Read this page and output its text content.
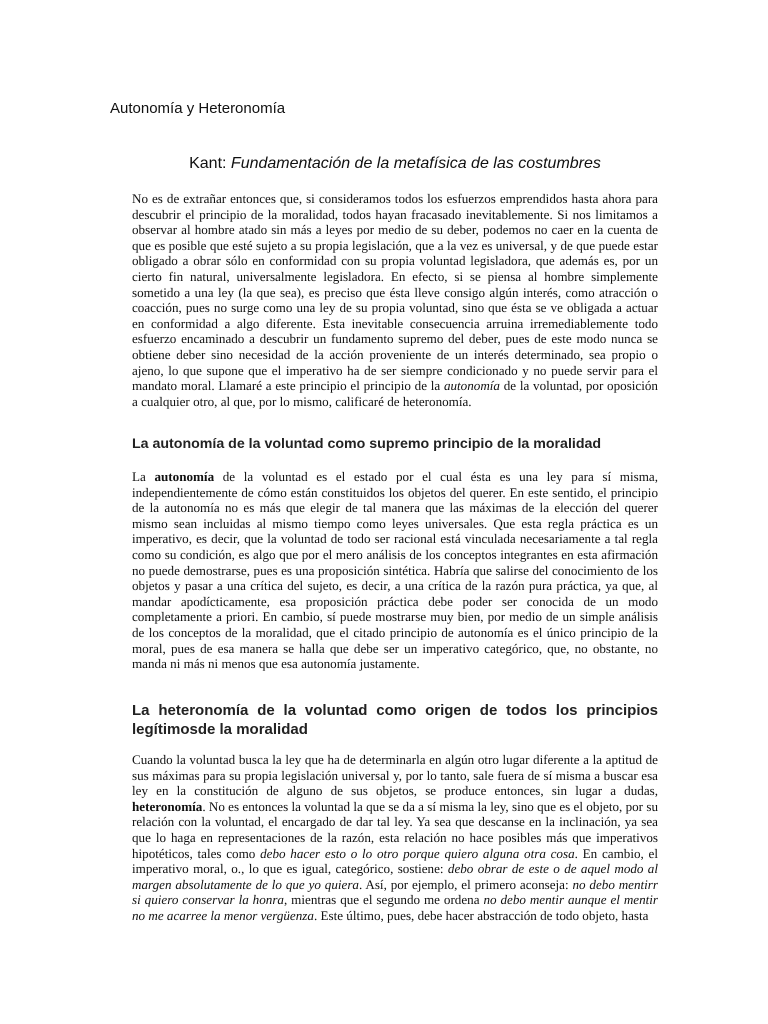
Autonomía y Heteronomía
Kant: Fundamentación de la metafísica de las costumbres

No es de extrañar entonces que, si consideramos todos los esfuerzos emprendidos hasta ahora para descubrir el principio de la moralidad, todos hayan fracasado inevitablemente. Si nos limitamos a observar al hombre atado sin más a leyes por medio de su deber, podemos no caer en la cuenta de que es posible que esté sujeto a su propia legislación, que a la vez es universal, y de que puede estar obligado a obrar sólo en conformidad con su propia voluntad legisladora, que además es, por un cierto fin natural, universalmente legisladora. En efecto, si se piensa al hombre simplemente sometido a una ley (la que sea), es preciso que ésta lleve consigo algún interés, como atracción o coacción, pues no surge como una ley de su propia voluntad, sino que ésta se ve obligada a actuar en conformidad a algo diferente. Esta inevitable consecuencia arruina irremediablemente todo esfuerzo encaminado a descubrir un fundamento supremo del deber, pues de este modo nunca se obtiene deber sino necesidad de la acción proveniente de un interés determinado, sea propio o ajeno, lo que supone que el imperativo ha de ser siempre condicionado y no puede servir para el mandato moral. Llamaré a este principio el principio de la autonomía de la voluntad, por oposición a cualquier otro, al que, por lo mismo, calificaré de heteronomía.

La autonomía de la voluntad como supremo principio de la moralidad

La autonomía de la voluntad es el estado por el cual ésta es una ley para sí misma, independientemente de cómo están constituidos los objetos del querer. En este sentido, el principio de la autonomía no es más que elegir de tal manera que las máximas de la elección del querer mismo sean incluidas al mismo tiempo como leyes universales. Que esta regla práctica es un imperativo, es decir, que la voluntad de todo ser racional está vinculada necesariamente a tal regla como su condición, es algo que por el mero análisis de los conceptos integrantes en esta afirmación no puede demostrarse, pues es una proposición sintética. Habría que salirse del conocimiento de los objetos y pasar a una crítica del sujeto, es decir, a una crítica de la razón pura práctica, ya que, al mandar apodícticamente, esa proposición práctica debe poder ser conocida de un modo completamente a priori. En cambio, sí puede mostrarse muy bien, por medio de un simple análisis de los conceptos de la moralidad, que el citado principio de autonomía es el único principio de la moral, pues de esa manera se halla que debe ser un imperativo categórico, que, no obstante, no manda ni más ni menos que esa autonomía justamente.

La heteronomía de la voluntad como origen de todos los principios legítimosde la moralidad

Cuando la voluntad busca la ley que ha de determinarla en algún otro lugar diferente a la aptitud de sus máximas para su propia legislación universal y, por lo tanto, sale fuera de sí misma a buscar esa ley en la constitución de alguno de sus objetos, se produce entonces, sin lugar a dudas, heteronomía. No es entonces la voluntad la que se da a sí misma la ley, sino que es el objeto, por su relación con la voluntad, el encargado de dar tal ley. Ya sea que descanse en la inclinación, ya sea que lo haga en representaciones de la razón, esta relación no hace posibles más que imperativos hipotéticos, tales como debo hacer esto o lo otro porque quiero alguna otra cosa. En cambio, el imperativo moral, o., lo que es igual, categórico, sostiene: debo obrar de este o de aquel modo al margen absolutamente de lo que yo quiera. Así, por ejemplo, el primero aconseja: no debo mentirr si quiero conservar la honra, mientras que el segundo me ordena no debo mentir aunque el mentir no me acarree la menor vergüenza. Este último, pues, debe hacer abstracción de todo objeto, hasta
